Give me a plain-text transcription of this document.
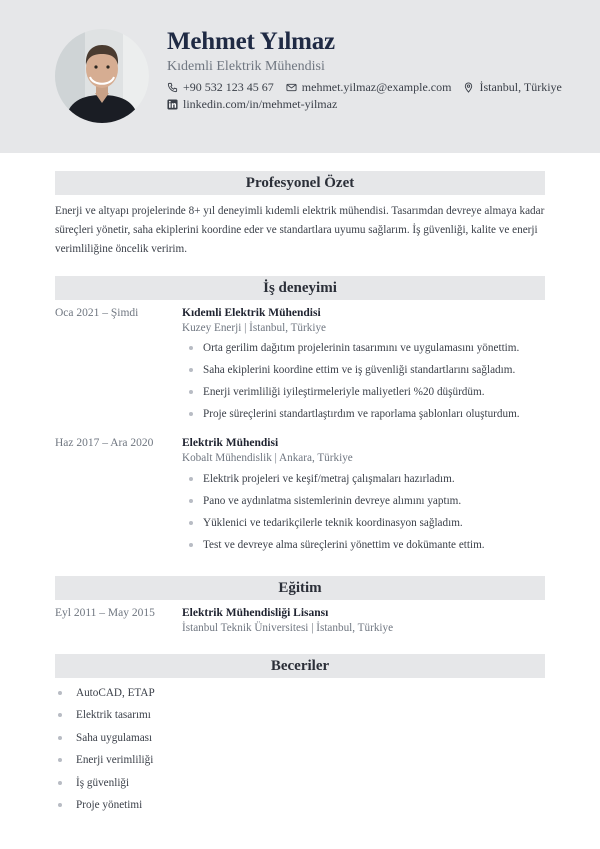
Mehmet Yılmaz
Kıdemli Elektrik Mühendisi
+90 532 123 45 67 mehmet.yilmaz@example.com İstanbul, Türkiye
linkedin.com/in/mehmet-yilmaz
Profesyonel Özet
Enerji ve altyapı projelerinde 8+ yıl deneyimli kıdemli elektrik mühendisi. Tasarımdan devreye almaya kadar
süreçleri yönetir, saha ekiplerini koordine eder ve standartlara uyumu sağlarım. İş güvenliği, kalite ve enerji
verimliliğine öncelik veririm.
İş deneyimi
Oca 2021 – Şimdi	Kıdemli Elektrik Mühendisi
Kuzey Enerji | İstanbul, Türkiye
Orta gerilim dağıtım projelerinin tasarımını ve uygulamasını yönettim.
Saha ekiplerini koordine ettim ve iş güvenliği standartlarını sağladım.
Enerji verimliliği iyileştirmeleriyle maliyetleri %20 düşürdüm.
Proje süreçlerini standartlaştırdım ve raporlama şablonları oluşturdum.
Haz 2017 – Ara 2020 Elektrik Mühendisi
Kobalt Mühendislik | Ankara, Türkiye
Elektrik projeleri ve keşif/metraj çalışmaları hazırladım.
Pano ve aydınlatma sistemlerinin devreye alımını yaptım.
Yüklenici ve tedarikçilerle teknik koordinasyon sağladım.
Test ve devreye alma süreçlerini yönettim ve dokümante ettim.
Eğitim
Eyl 2011 – May 2015 Elektrik Mühendisliği Lisansı
İstanbul Teknik Üniversitesi | İstanbul, Türkiye
Beceriler
AutoCAD, ETAP
Elektrik tasarımı
Saha uygulaması
Enerji verimliliği
İş güvenliği
Proje yönetimi
